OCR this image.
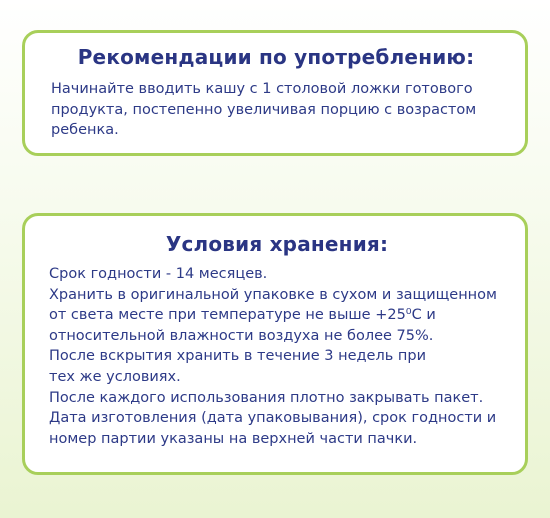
Рекомендации по употреблению:

Начинайте вводить кашу с 1 столовой ложки готового продукта, постепенно увеличивая порцию с возрастом ребенка.

Условия хранения:
Срок годности - 14 месяцев.
Хранить в оригинальной упаковке в сухом и защищенном
от света месте при температуре не выше +25⁰С и
относительной влажности воздуха не более 75%.
После вскрытия хранить в течение 3 недель при
тех же условиях.
После каждого использования плотно закрывать пакет.
Дата изготовления (дата упаковывания), срок годности и
номер партии указаны на верхней части пачки.
